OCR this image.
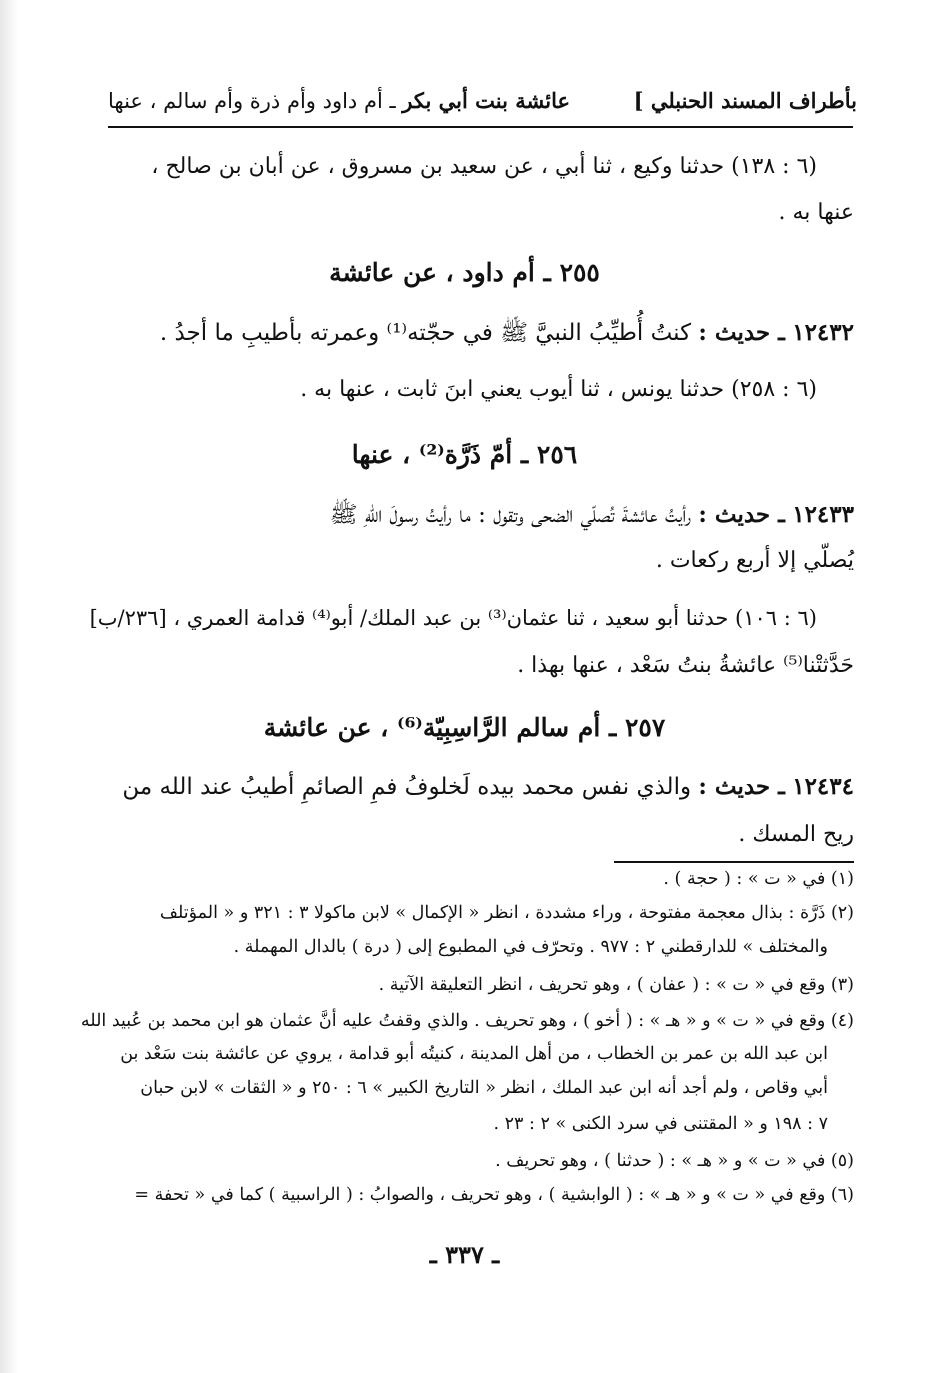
بأطراف المسند الحنبلي ]
عائشة بنت أبي بكر ـ أم داود وأم ذرة وأم سالم ، عنها
(٦ : ١٣٨) حدثنا وكيع ، ثنا أبي ، عن سعيد بن مسروق ، عن أبان بن صالح ،
عنها به .
٢٥٥ ـ أم داود ، عن عائشة
١٢٤٣٢ ـ حديث : كنتُ أُطيِّبُ النبيَّ ﷺ في حجّته⁽¹⁾ وعمرته بأطيبِ ما أجدُ .
(٦ : ٢٥٨) حدثنا يونس ، ثنا أيوب يعني ابنَ ثابت ، عنها به .
٢٥٦ ـ أمّ ذَرَّة⁽²⁾ ، عنها
١٢٤٣٣ ـ حديث : رأيتُ عائشةَ تُصلّي الضحى وتقول : ما رأيتُ رسولَ اللهِ ﷺ
يُصلّي إلا أربع ركعات .
(٦ : ١٠٦) حدثنا أبو سعيد ، ثنا عثمان⁽³⁾ بن عبد الملك/ أبو⁽⁴⁾ قدامة العمري ، [٢٣٦/ب]
حَدَّثتْنا⁽⁵⁾ عائشةُ بنتُ سَعْد ، عنها بهذا .
٢٥٧ ـ أم سالم الرَّاسِبِيّة⁽⁶⁾ ، عن عائشة
١٢٤٣٤ ـ حديث : والذي نفس محمد بيده لَخلوفُ فمِ الصائمِ أطيبُ عند الله من
ريح المسك .
(١) في « ت » : ( حجة ) .
(٢) ذَرَّة : بذال معجمة مفتوحة ، وراء مشددة ، انظر « الإكمال » لابن ماكولا ٣ : ٣٢١ و « المؤتلف
والمختلف » للدارقطني ٢ : ٩٧٧ . وتحرّف في المطبوع إلى ( درة ) بالدال المهملة .
(٣) وقع في « ت » : ( عفان ) ، وهو تحريف ، انظر التعليقة الآتية .
(٤) وقع في « ت » و « هـ » : ( أخو ) ، وهو تحريف . والذي وقفتُ عليه أنَّ عثمان هو ابن محمد بن عُبيد الله
ابن عبد الله بن عمر بن الخطاب ، من أهل المدينة ، كنيتُه أبو قدامة ، يروي عن عائشة بنت سَعْد بن
أبي وقاص ، ولم أجد أنه ابن عبد الملك ، انظر « التاريخ الكبير » ٦ : ٢٥٠ و « الثقات » لابن حبان
٧ : ١٩٨ و « المقتنى في سرد الكنى » ٢ : ٢٣ .
(٥) في « ت » و « هـ » : ( حدثنا ) ، وهو تحريف .
(٦) وقع في « ت » و « هـ » : ( الوابشية ) ، وهو تحريف ، والصوابُ : ( الراسبية ) كما في « تحفة =
ـ ٣٣٧ ـ
